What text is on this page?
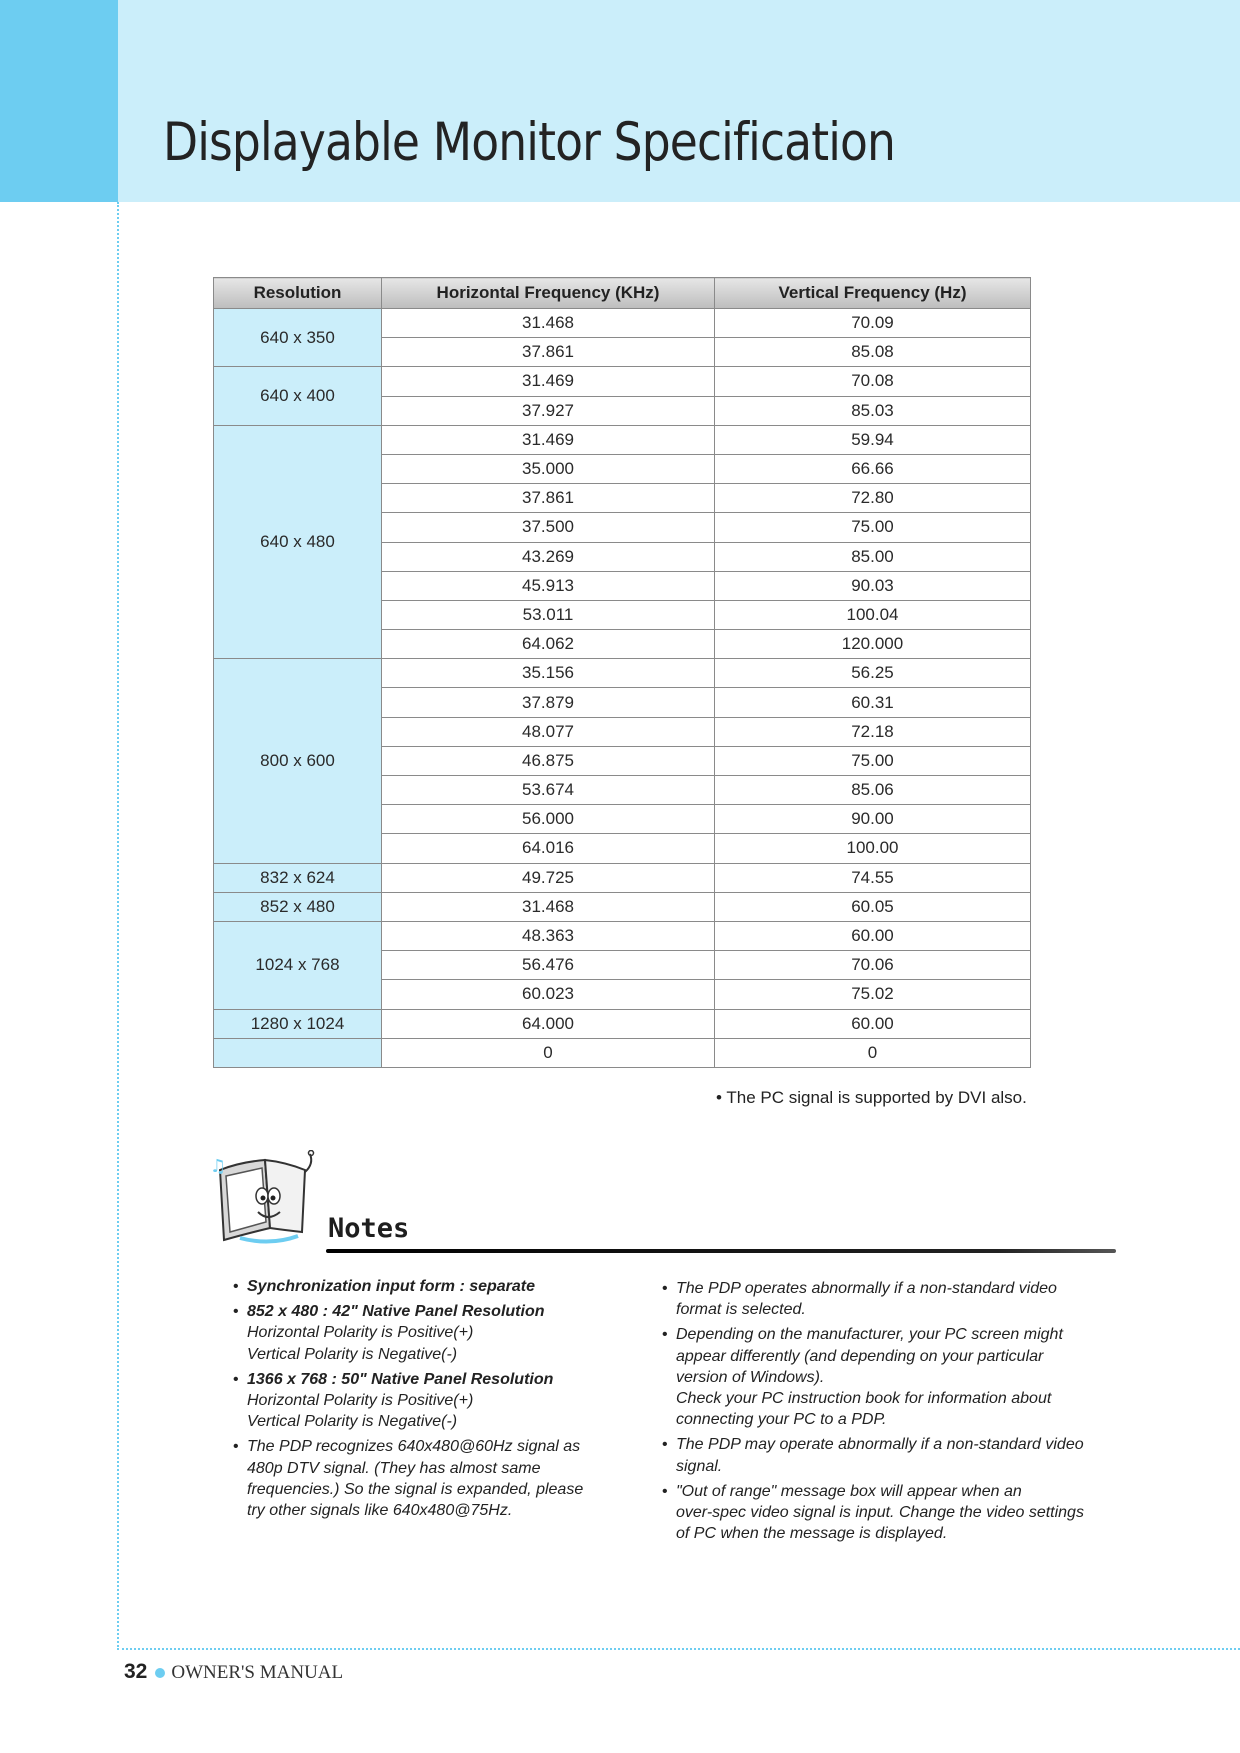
Displayable Monitor Specification
Resolution	Horizontal Frequency (KHz)	Vertical Frequency (Hz)
640 x 350	31.468	70.09
	37.861	85.08
640 x 400	31.469	70.08
	37.927	85.03
640 x 480	31.469	59.94
	35.000	66.66
	37.861	72.80
	37.500	75.00
	43.269	85.00
	45.913	90.03
	53.011	100.04
	64.062	120.000
800 x 600	35.156	56.25
	37.879	60.31
	48.077	72.18
	46.875	75.00
	53.674	85.06
	56.000	90.00
	64.016	100.00
832 x 624	49.725	74.55
852 x 480	31.468	60.05
1024 x 768	48.363	60.00
	56.476	70.06
	60.023	75.02
1280 x 1024	64.000	60.00
	0	0
• The PC signal is supported by DVI also.
♫
Notes
• Synchronization input form : separate
• 852 x 480 : 42" Native Panel Resolution
Horizontal Polarity is Positive(+)
Vertical Polarity is Negative(-)
• 1366 x 768 : 50" Native Panel Resolution
Horizontal Polarity is Positive(+)
Vertical Polarity is Negative(-)
• The PDP recognizes 640x480@60Hz signal as
480p DTV signal. (They has almost same
frequencies.) So the signal is expanded, please
try other signals like 640x480@75Hz.
• The PDP operates abnormally if a non-standard video
format is selected.
• Depending on the manufacturer, your PC screen might
appear differently (and depending on your particular
version of Windows).
Check your PC instruction book for information about
connecting your PC to a PDP.
• The PDP may operate abnormally if a non-standard video
signal.
• "Out of range" message box will appear when an
over-spec video signal is input. Change the video settings
of PC when the message is displayed.
32 OWNER'S MANUAL
